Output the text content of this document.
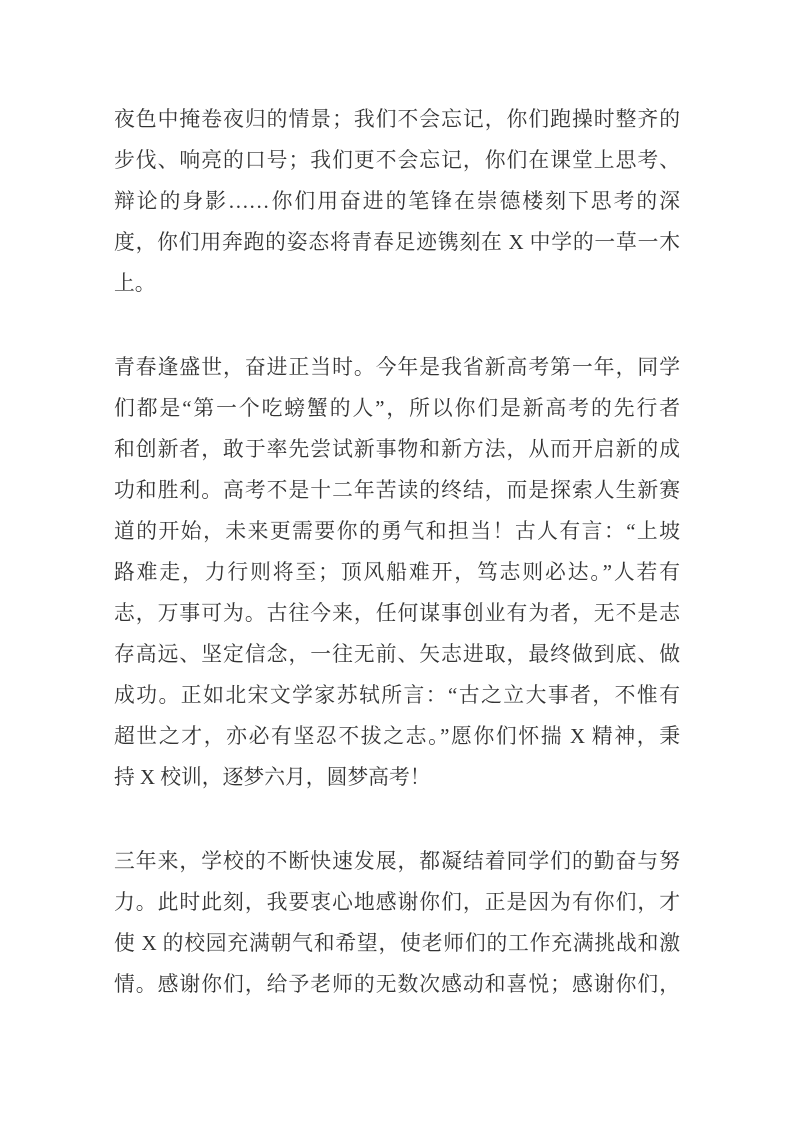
夜色中掩卷夜归的情景；我们不会忘记，你们跑操时整齐的
步伐、响亮的口号；我们更不会忘记，你们在课堂上思考、
辩论的身影……你们用奋进的笔锋在崇德楼刻下思考的深
度，你们用奔跑的姿态将青春足迹镌刻在 X 中学的一草一木
上。
青春逢盛世，奋进正当时。今年是我省新高考第一年，同学
们都是“第一个吃螃蟹的人”，所以你们是新高考的先行者
和创新者，敢于率先尝试新事物和新方法，从而开启新的成
功和胜利。高考不是十二年苦读的终结，而是探索人生新赛
道的开始，未来更需要你的勇气和担当！古人有言：“上坡
路难走，力行则将至；顶风船难开，笃志则必达。”人若有
志，万事可为。古往今来，任何谋事创业有为者，无不是志
存高远、坚定信念，一往无前、矢志进取，最终做到底、做
成功。正如北宋文学家苏轼所言：“古之立大事者，不惟有
超世之才，亦必有坚忍不拔之志。”愿你们怀揣 X 精神，秉
持 X 校训，逐梦六月，圆梦高考！
三年来，学校的不断快速发展，都凝结着同学们的勤奋与努
力。此时此刻，我要衷心地感谢你们，正是因为有你们，才
使 X 的校园充满朝气和希望，使老师们的工作充满挑战和激
情。感谢你们，给予老师的无数次感动和喜悦；感谢你们，
